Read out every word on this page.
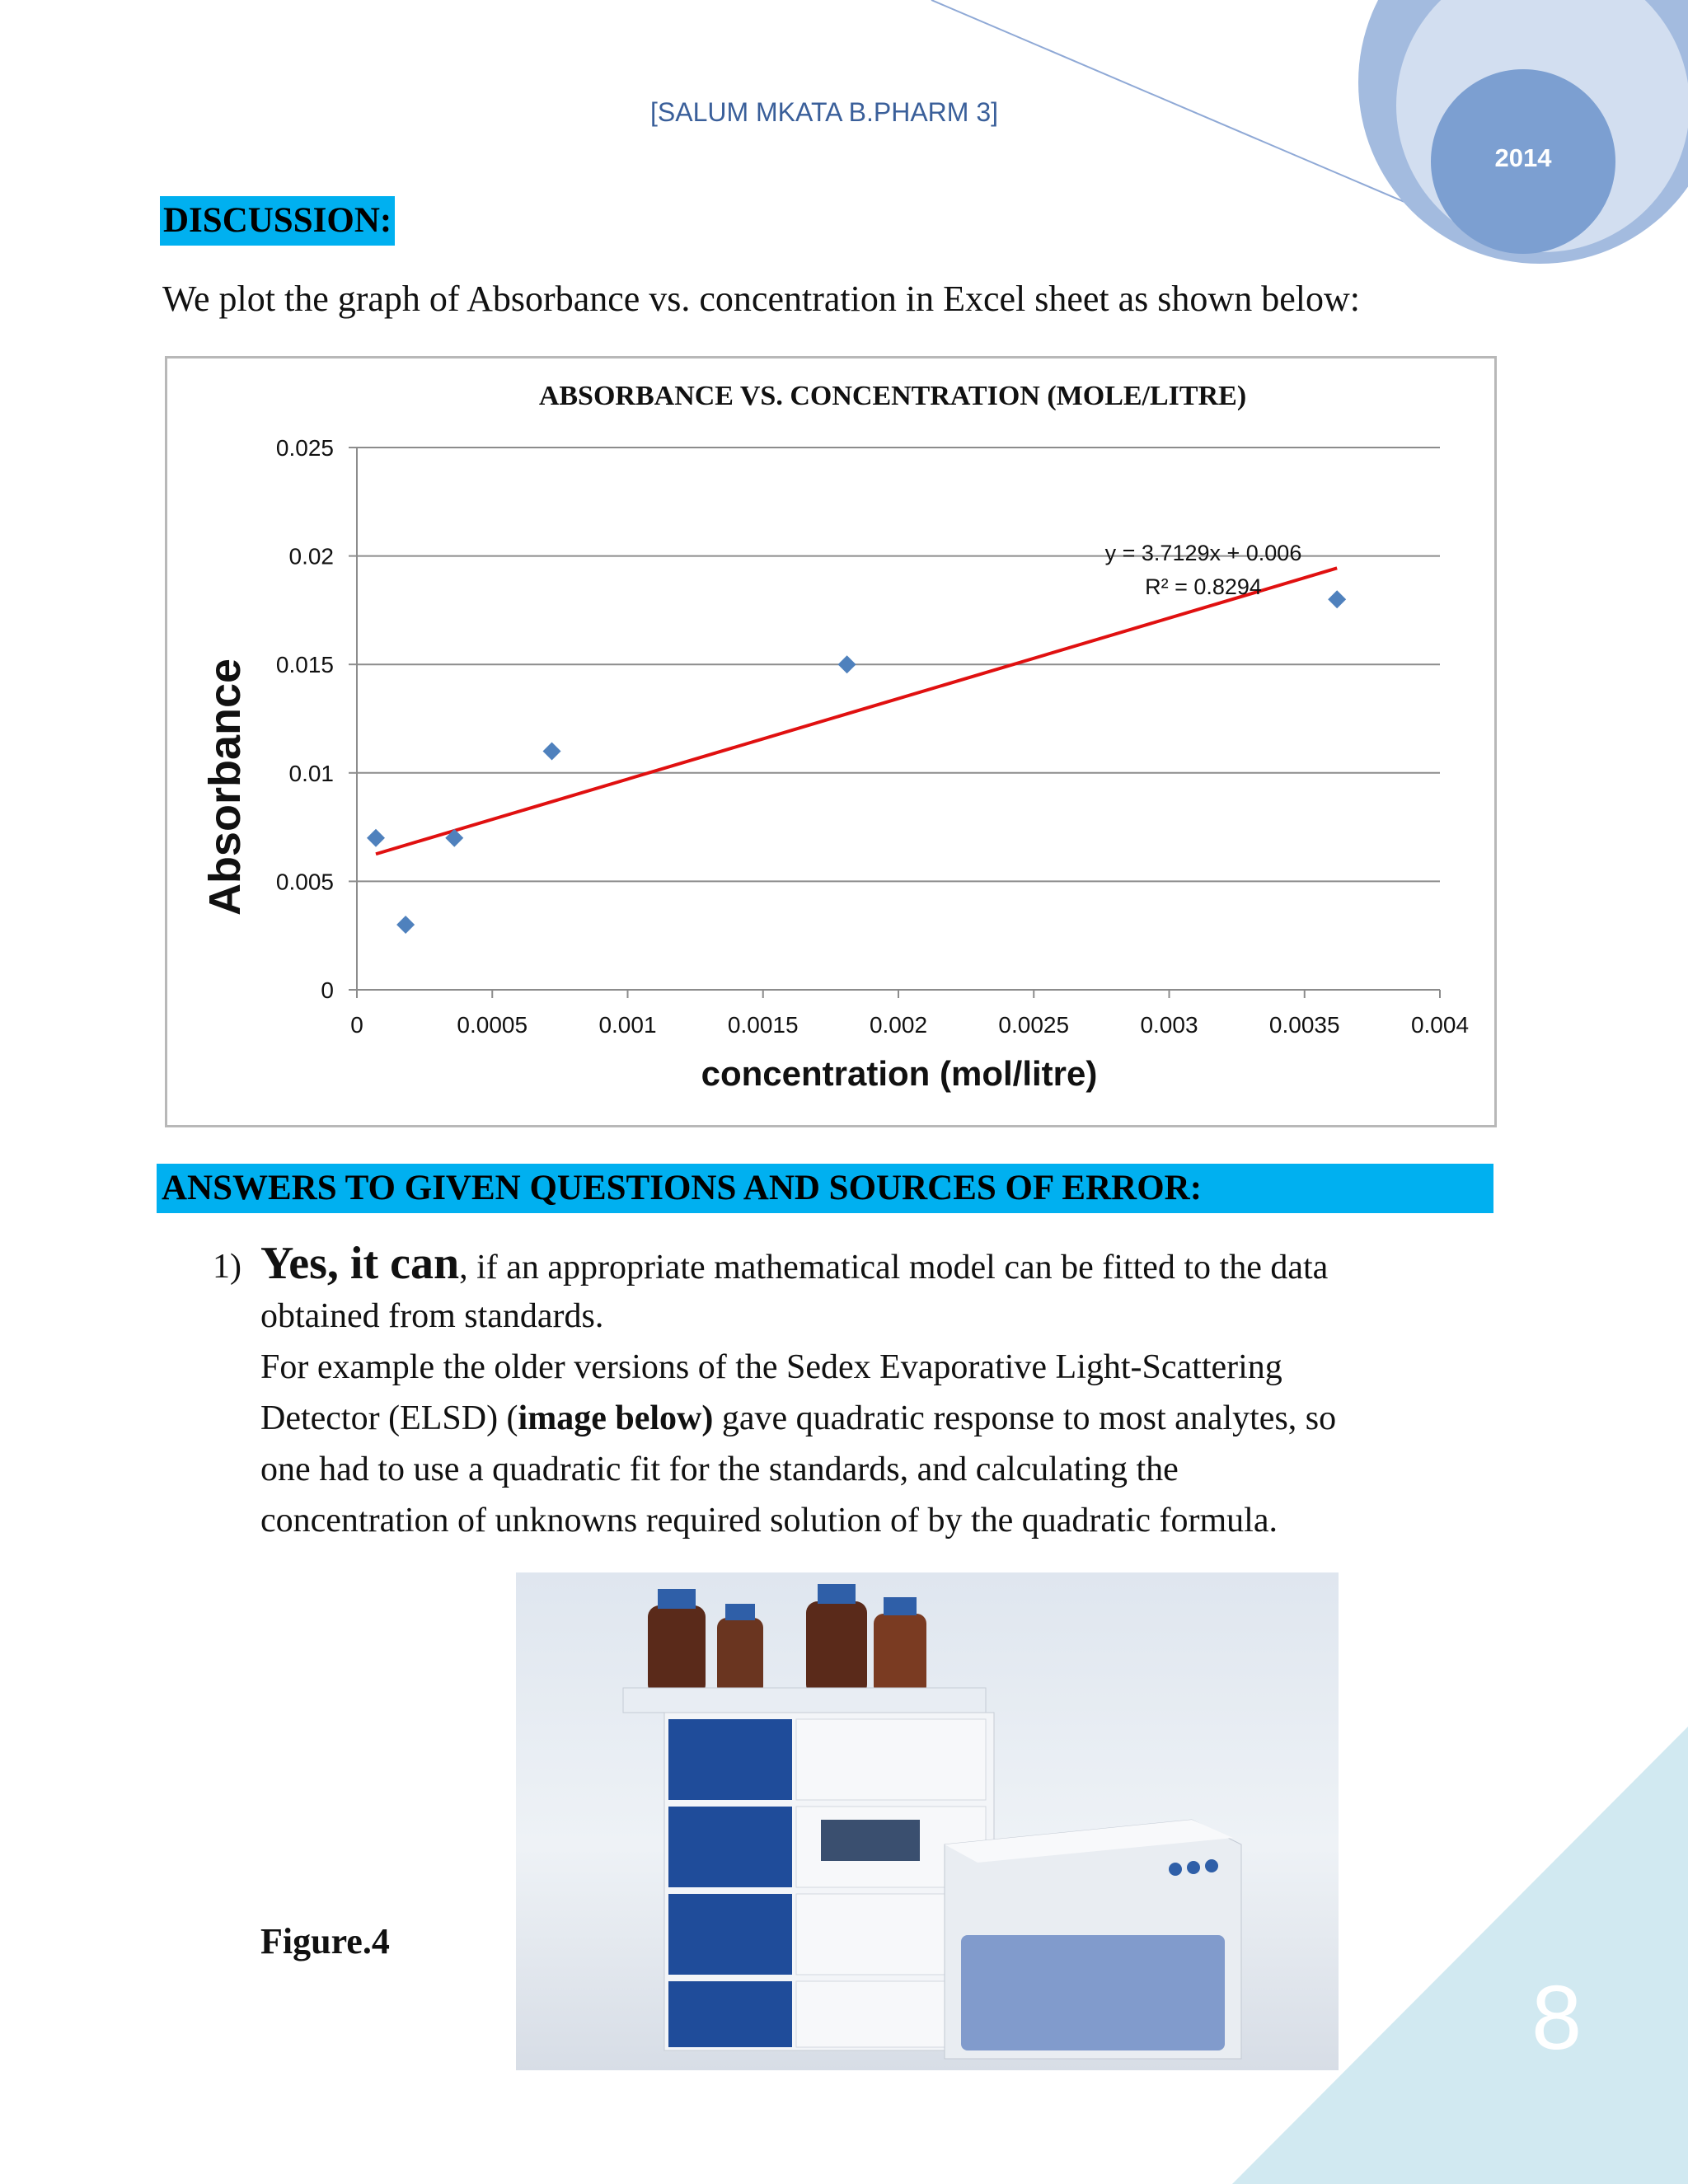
[SALUM MKATA B.PHARM 3]
2014
DISCUSSION:
We plot the graph of Absorbance vs. concentration in Excel sheet as shown below:
0
0.005
0.01
0.015
0.02
0.025
0	0.0005	0.001	0.0015	0.002	0.0025	0.003	0.0035	0.004
ABSORBANCE VS. CONCENTRATION (MOLE/LITRE)
y = 3.7129x + 0.006
R² = 0.8294
concentration (mol/litre)
Absorbance
ANSWERS TO GIVEN QUESTIONS AND SOURCES OF ERROR:
1) Yes, it can, if an appropriate mathematical model can be fitted to the data
obtained from standards.
For example the older versions of the Sedex Evaporative Light-Scattering
Detector (ELSD) (image below) gave quadratic response to most analytes, so
one had to use a quadratic fit for the standards, and calculating the
concentration of unknowns required solution of by the quadratic formula.
Figure.4
8
